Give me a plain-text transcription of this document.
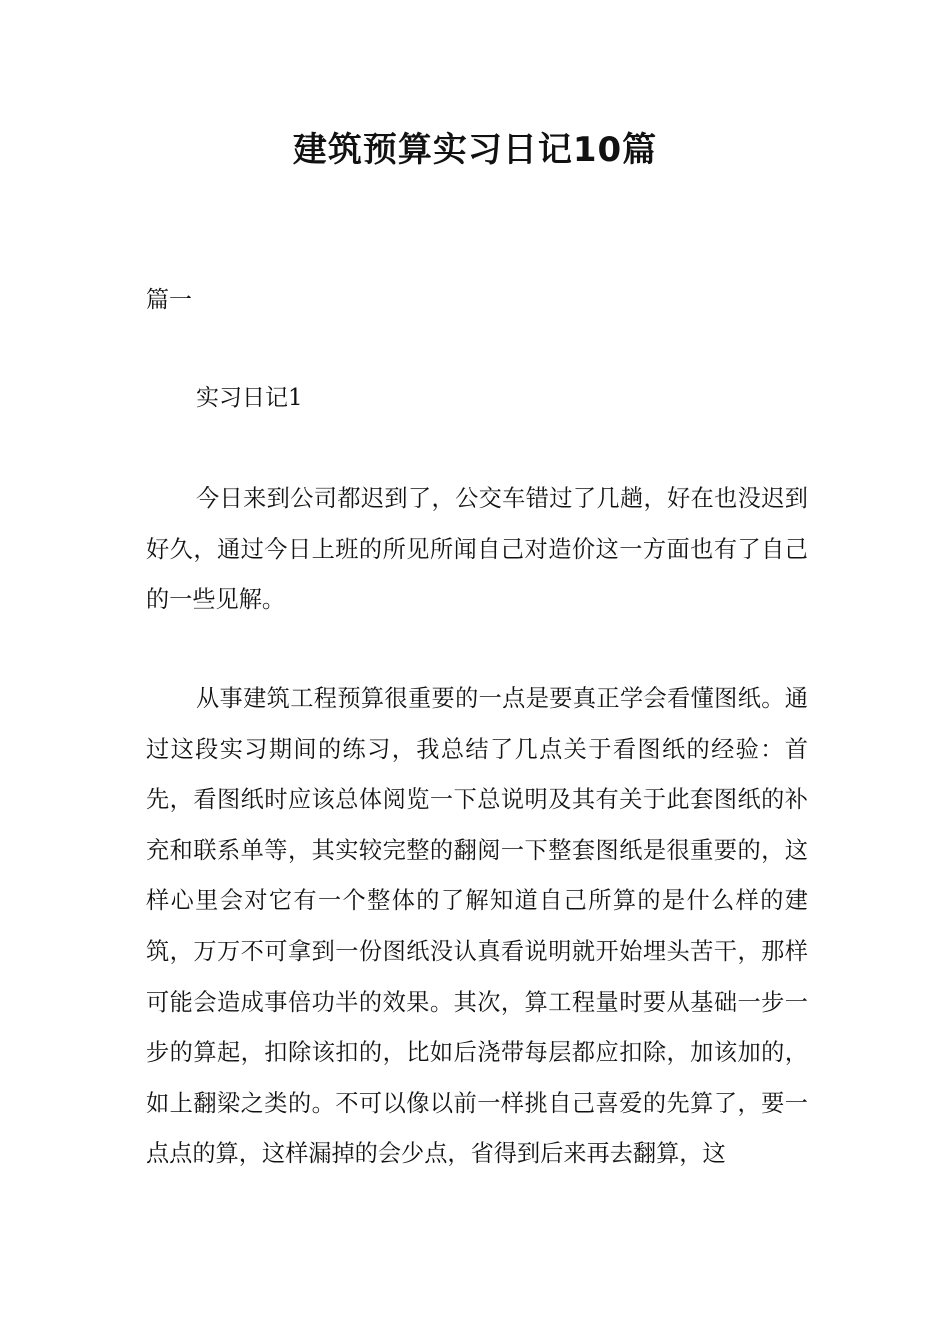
建筑预算实习日记10篇

篇一

实习日记1

今日来到公司都迟到了，公交车错过了几趟，好在也没迟到好久，通过今日上班的所见所闻自己对造价这一方面也有了自己的一些见解。

从事建筑工程预算很重要的一点是要真正学会看懂图纸。通过这段实习期间的练习，我总结了几点关于看图纸的经验：首先，看图纸时应该总体阅览一下总说明及其有关于此套图纸的补充和联系单等，其实较完整的翻阅一下整套图纸是很重要的，这样心里会对它有一个整体的了解知道自己所算的是什么样的建筑，万万不可拿到一份图纸没认真看说明就开始埋头苦干，那样可能会造成事倍功半的效果。其次，算工程量时要从基础一步一步的算起，扣除该扣的，比如后浇带每层都应扣除，加该加的，如上翻梁之类的。不可以像以前一样挑自己喜爱的先算了，要一点点的算，这样漏掉的会少点，省得到后来再去翻算，这
